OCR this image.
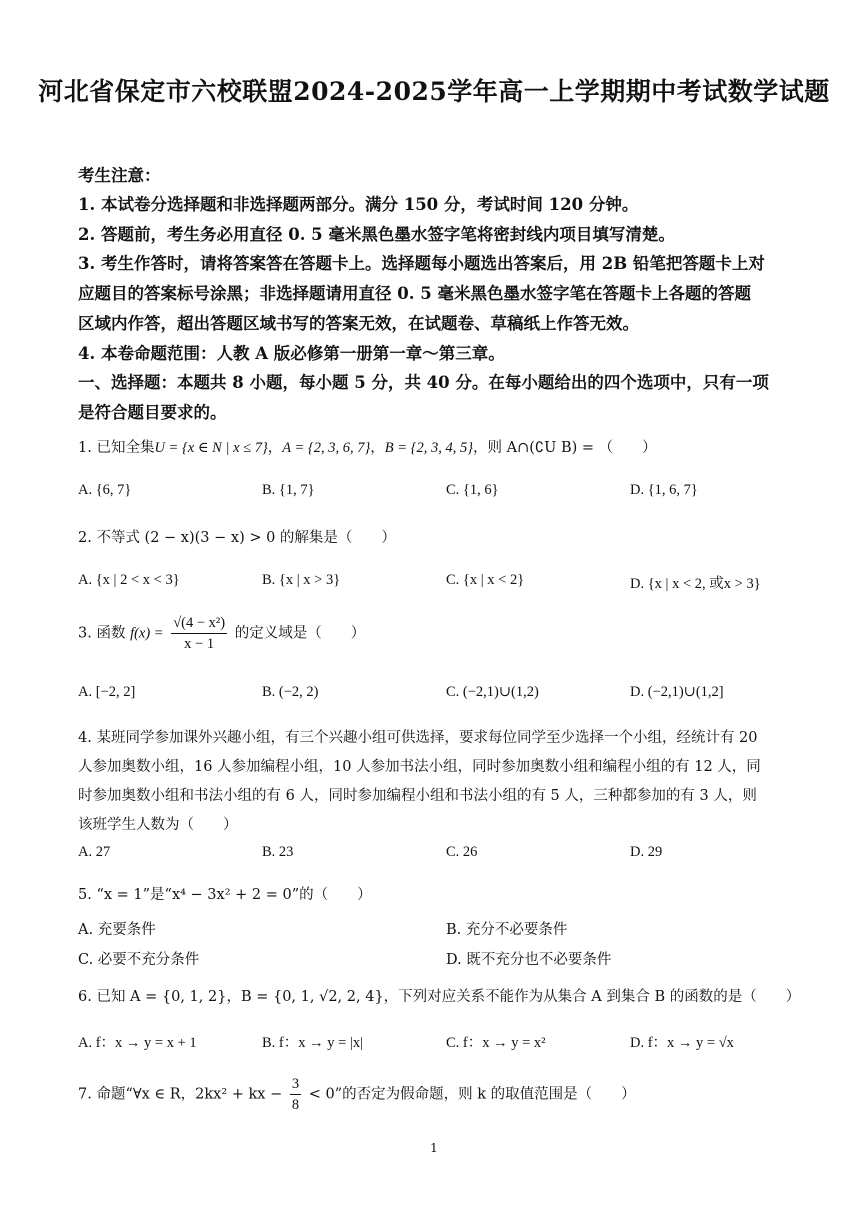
河北省保定市六校联盟2024-2025学年高一上学期期中考试数学试题
考生注意：
1. 本试卷分选择题和非选择题两部分。满分 150 分，考试时间 120 分钟。
2. 答题前，考生务必用直径 0. 5 毫米黑色墨水签字笔将密封线内项目填写清楚。
3. 考生作答时，请将答案答在答题卡上。选择题每小题选出答案后，用 2B 铅笔把答题卡上对
应题目的答案标号涂黑；非选择题请用直径 0. 5 毫米黑色墨水签字笔在答题卡上各题的答题
区域内作答，超出答题区域书写的答案无效，在试题卷、草稿纸上作答无效。
4. 本卷命题范围：人教 A 版必修第一册第一章～第三章。
一、选择题：本题共 8 小题，每小题 5 分，共 40 分。在每小题给出的四个选项中，只有一项
是符合题目要求的。
1. 已知全集U = {x ∈ N | x ≤ 7}，A = {2, 3, 6, 7}，B = {2, 3, 4, 5}，则 A∩(∁U B) = （　　）
A. {6, 7}	B. {1, 7}	C. {1, 6}	D. {1, 6, 7}
2. 不等式 (2 − x)(3 − x) > 0 的解集是（　　）
A. {x | 2 < x < 3}	B. {x | x > 3}	C. {x | x < 2}	D. {x | x < 2, 或x > 3}
3. 函数 $f(x) = \frac{\text{√(4 − x²)}}{x - 1}$ 的定义域是（　　）
A. [−2, 2]	B. (−2, 2)	C. (−2,1)∪(1,2)	D. (−2,1)∪(1,2]
4. 某班同学参加课外兴趣小组，有三个兴趣小组可供选择，要求每位同学至少选择一个小组，经统计有 20
人参加奥数小组，16 人参加编程小组，10 人参加书法小组，同时参加奥数小组和编程小组的有 12 人，同
时参加奥数小组和书法小组的有 6 人，同时参加编程小组和书法小组的有 5 人，三种都参加的有 3 人，则
该班学生人数为（　　）
A. 27	B. 23	C. 26	D. 29
5. “x = 1”是“x⁴ − 3x² + 2 = 0”的（　　）
A. 充要条件	B. 充分不必要条件
C. 必要不充分条件	D. 既不充分也不必要条件
6. 已知 A = {0, 1, 2}，B = {0, 1, √2, 2, 4}，下列对应关系不能作为从集合 A 到集合 B 的函数的是（　　）
A. f：x → y = x + 1	B. f：x → y = |x|	C. f：x → y = x²	D. f：x → y = √x
7. 命题“∀x ∈ R，2kx² + kx − $\frac{3}{8} < 0$”的否定为假命题，则 k 的取值范围是（　　）
1
